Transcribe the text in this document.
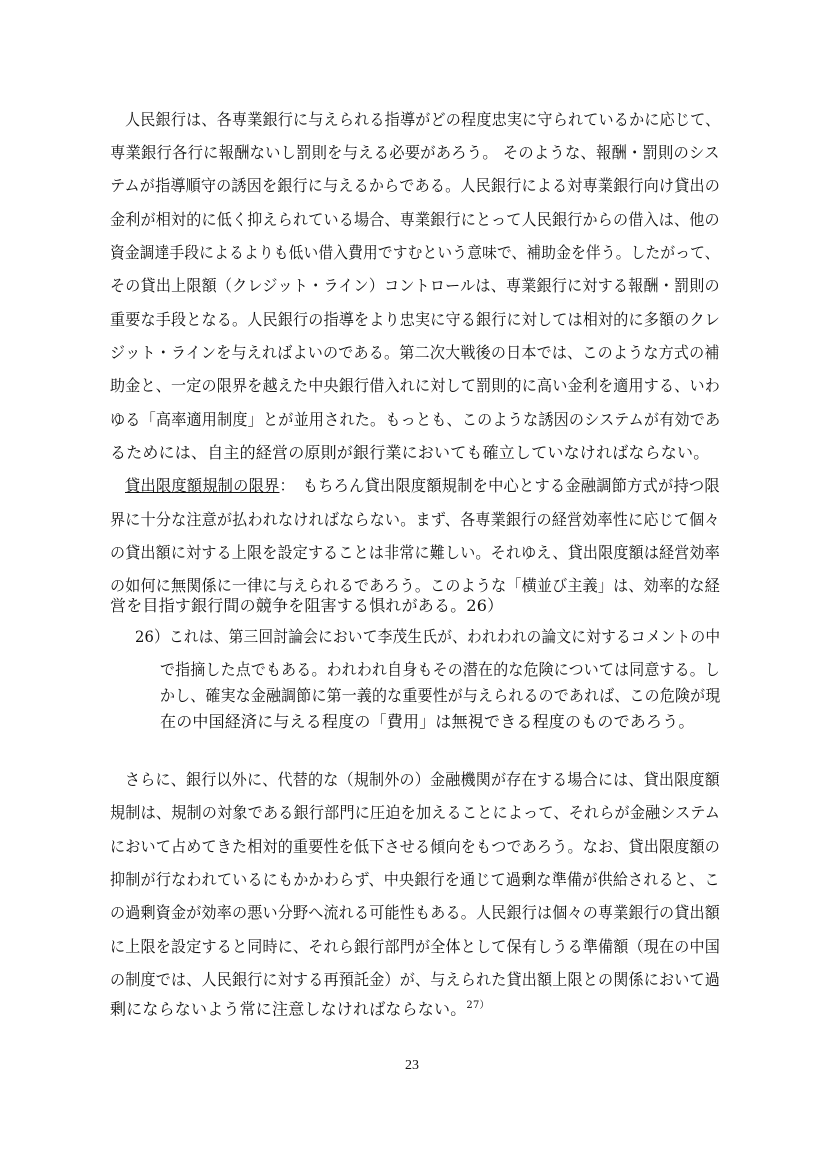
人民銀行は、各専業銀行に与えられる指導がどの程度忠実に守られているかに応じて、
専業銀行各行に報酬ないし罰則を与える必要があろう。 そのような、報酬・罰則のシス
テムが指導順守の誘因を銀行に与えるからである。人民銀行による対専業銀行向け貸出の
金利が相対的に低く抑えられている場合、専業銀行にとって人民銀行からの借入は、他の
資金調達手段によるよりも低い借入費用ですむという意味で、補助金を伴う。したがって、
その貸出上限額（クレジット・ライン）コントロールは、専業銀行に対する報酬・罰則の
重要な手段となる。人民銀行の指導をより忠実に守る銀行に対しては相対的に多額のクレ
ジット・ラインを与えればよいのである。第二次大戦後の日本では、このような方式の補
助金と、一定の限界を越えた中央銀行借入れに対して罰則的に高い金利を適用する、いわ
ゆる「高率適用制度」とが並用された。もっとも、このような誘因のシステムが有効であ
るためには、自主的経営の原則が銀行業においても確立していなければならない。
貸出限度額規制の限界：　もちろん貸出限度額規制を中心とする金融調節方式が持つ限
界に十分な注意が払われなければならない。まず、各専業銀行の経営効率性に応じて個々
の貸出額に対する上限を設定することは非常に難しい。それゆえ、貸出限度額は経営効率
の如何に無関係に一律に与えられるであろう。このような「横並び主義」は、効率的な経
営を目指す銀行間の競争を阻害する惧れがある。26）
26）これは、第三回討論会において李茂生氏が、われわれの論文に対するコメントの中
で指摘した点でもある。われわれ自身もその潜在的な危険については同意する。し
かし、確実な金融調節に第一義的な重要性が与えられるのであれば、この危険が現
在の中国経済に与える程度の「費用」は無視できる程度のものであろう。
さらに、銀行以外に、代替的な（規制外の）金融機関が存在する場合には、貸出限度額
規制は、規制の対象である銀行部門に圧迫を加えることによって、それらが金融システム
において占めてきた相対的重要性を低下させる傾向をもつであろう。なお、貸出限度額の
抑制が行なわれているにもかかわらず、中央銀行を通じて過剰な準備が供給されると、こ
の過剰資金が効率の悪い分野へ流れる可能性もある。人民銀行は個々の専業銀行の貸出額
に上限を設定すると同時に、それら銀行部門が全体として保有しうる準備額（現在の中国
の制度では、人民銀行に対する再預託金）が、与えられた貸出額上限との関係において過
剰にならないよう常に注意しなければならない。$^{27)}$
23
